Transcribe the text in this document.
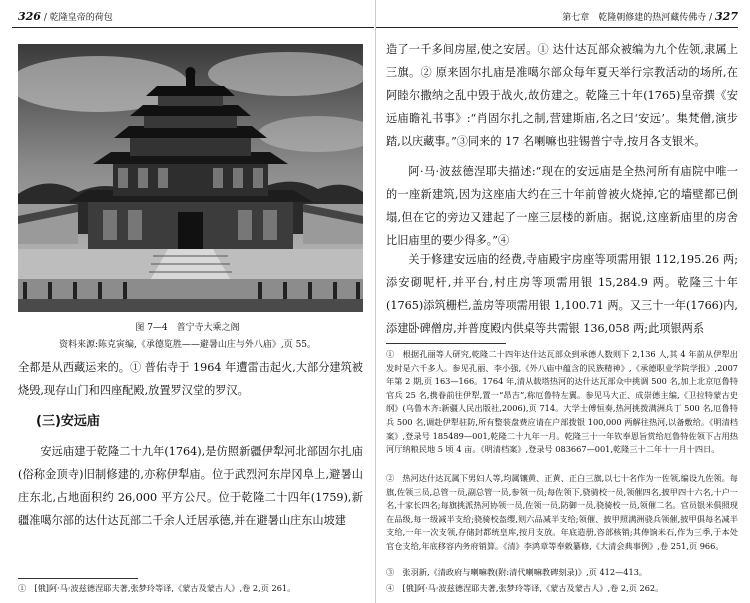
326 / 乾隆皇帝的荷包
图 7—4　普宁寺大乘之阁
资料来源:陈克寅编,《承德览胜——避暑山庄与外八庙》,页 55。

全都是从西藏运来的。① 普佑寺于 1964 年遭雷击起火,大部分建筑被烧毁,现存山门和四座配殿,放置罗汉堂的罗汉。

(三)安远庙

安远庙建于乾隆二十九年(1764),是仿照新疆伊犁河北部固尔扎庙(俗称金顶寺)旧制修建的,亦称伊犁庙。位于武烈河东岸冈阜上,避暑山庄东北,占地面积约 26,000 平方公尺。位于乾隆二十四年(1759),新疆准噶尔部的达什达瓦部二千余人迁居承德,并在避暑山庄东山坡建

①　[俄]阿·马·波兹德涅耶夫著,张梦玲等译,《蒙古及蒙古人》,卷 2,页 261。

第七章　乾隆朝修建的热河藏传佛寺 / 327

造了一千多间房屋,使之安居。① 达什达瓦部众被编为九个佐领,隶属上三旗。② 原来固尔扎庙是准噶尔部众每年夏天举行宗教活动的场所,在阿睦尔撒纳之乱中毁于战火,故仿建之。乾隆三十年(1765)皇帝撰《安远庙瞻礼书事》:“肖固尔扎之制,营建斯庙,名之曰‘安远’。集梵僧,演步踏,以庆藏事。”③同来的 17 名喇嘛也驻锡普宁寺,按月各支银米。

阿·马·波兹德涅耶夫描述:“现在的安远庙是全热河所有庙院中唯一的一座新建筑,因为这座庙大约在三十年前曾被火烧掉,它的墙壁都已倒塌,但在它的旁边又建起了一座三层楼的新庙。据说,这座新庙里的房舍比旧庙里的要少得多。”④

关于修建安远庙的经费,寺庙殿宇房座等项需用银 112,195.26 两;添安砌呢杆,并平台,村庄房等项需用银 15,284.9 两。乾隆三十年(1765)添筑栅栏,盖房等项需用银 1,100.71 两。又三十一年(1766)内,添建卧碑僧房,并普度殿内供桌等共需银 136,058 两;此项银两系

①　根据孔丽等人研究,乾隆二十四年达什达瓦部众到承德人数则下 2,136 人,其 4 年前从伊犁出发时是六千多人。参见孔丽、李小强,《外八庙中蕴含的民族精神》,《承德职业学院学报》,2007 年第 2 期,页 163—166。1764 年,清从载塔热河的达什达瓦部众中挑调 500 名,加上北京厄鲁特官兵 25 名,携眷前往伊犁,置一“昂吉”,称厄鲁特左翼。参见马大正、成崇德主编,《卫拉特蒙古史纲》(乌鲁木齐:新疆人民出版社,2006),页 714。大学士傅恒奏,热河挑拨满洲兵丁 500 名,厄鲁特兵 500 名,调赴伊犁驻防,所有整装盘费应请在户部拨银 100,000 两解往热河,以备敷给。《明清档案》,登录号 185489—001,乾隆二十九年一月。乾隆三十一年钦奉恩旨赏给厄鲁特佐领下占用热河厅纳粮民地 5 顷 4 亩。《明清档案》,登录号 083667—001,乾隆三十二年十一月十四日。

②　热河达什达瓦属下男妇人等,均属镶黄、正黄、正白三旗,以七十名作为一佐领,编设九佐领。每旗,佐领三员,总管一员,副总管一员,参领一员;每佐领下,骁骑校一员,领催四名,披甲四十六名,十户一名,十家长四名;每旗挑派热河协领一员,佐领一员,防御一员,骁骑校一员,领催二名。官员银米俱照现在品级,每一级减半支给;骁骑校盔缨,则六品减半支给;领催、披甲照满洲骁兵领催,披甲俱每名减半支给,一年一次支领,存储封都统皇库,按月支放。年底造册,咨部核销;其俸饷米石,作为三季,于本处官仓支给,年底移容内务府销算。《清》李鸿章等奉敕纂修,《大清会典事例》,卷 251,页 966。

③　张羽新,《清政府与喇嘛教(附:清代喇嘛教碑刻录)》,页 412—413。

④　[俄]阿·马·波兹德涅耶夫著,张梦玲等译,《蒙古及蒙古人》,卷 2,页 262。
